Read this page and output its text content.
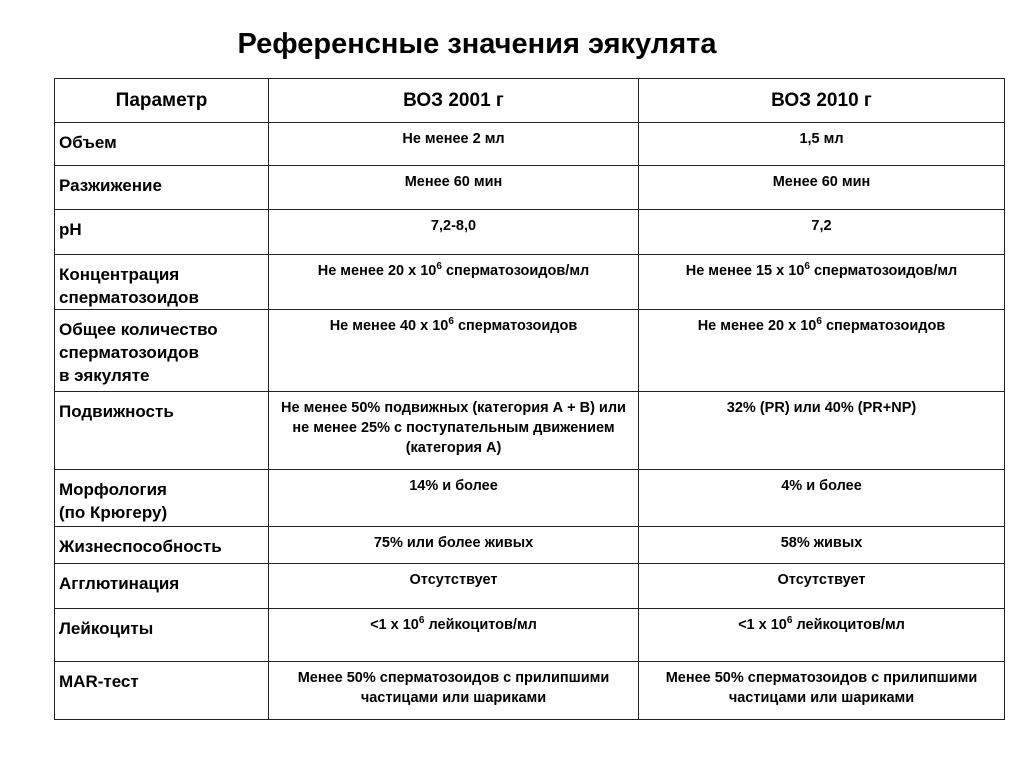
Референсные значения эякулята
Параметр	ВОЗ 2001 г	ВОЗ 2010 г
Объем	Не менее 2 мл	1,5 мл
Разжижение	Менее 60 мин	Менее 60 мин
pH	7,2-8,0	7,2
Концентрация
сперматозоидов	Не менее 20 х $10^6$ сперматозоидов/мл	Не менее 15 х $10^6$ сперматозоидов/мл
Общее количество
сперматозоидов
в эякуляте	Не менее 40 х $10^6$ сперматозоидов	Не менее 20 х $10^6$ сперматозоидов
Подвижность	Не менее 50% подвижных (категория А + В) или не менее 25% с поступательным движением (категория А)	32% (PR) или 40% (PR+NP)
Морфология
(по Крюгеру)	14% и более	4% и более
Жизнеспособность	75% или более живых	58% живых
Агглютинация	Отсутствует	Отсутствует
Лейкоциты	<1 х $10^6$ лейкоцитов/мл	<1 х $10^6$ лейкоцитов/мл
MAR-тест	Менее 50% сперматозоидов с прилипшими частицами или шариками	Менее 50% сперматозоидов с прилипшими частицами или шариками
